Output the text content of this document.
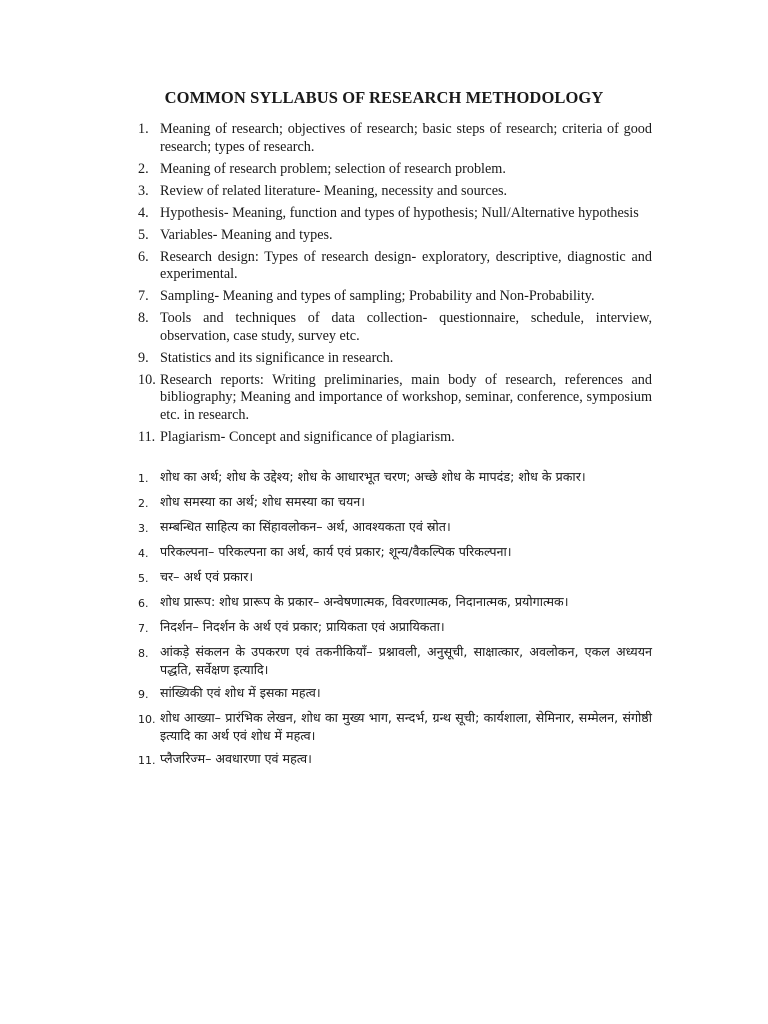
COMMON SYLLABUS OF RESEARCH METHODOLOGY
1. Meaning of research; objectives of research; basic steps of research; criteria of good research; types of research.
2. Meaning of research problem; selection of research problem.
3. Review of related literature- Meaning, necessity and sources.
4. Hypothesis- Meaning, function and types of hypothesis; Null/Alternative hypothesis
5. Variables- Meaning and types.
6. Research design: Types of research design- exploratory, descriptive, diagnostic and experimental.
7. Sampling- Meaning and types of sampling; Probability and Non-Probability.
8. Tools and techniques of data collection- questionnaire, schedule, interview, observation, case study, survey etc.
9. Statistics and its significance in research.
10. Research reports: Writing preliminaries, main body of research, references and bibliography; Meaning and importance of workshop, seminar, conference, symposium etc. in research.
11. Plagiarism- Concept and significance of plagiarism.
1. शोध का अर्थ; शोध के उद्देश्य; शोध के आधारभूत चरण; अच्छे शोध के मापदंड; शोध के प्रकार।
2. शोध समस्या का अर्थ; शोध समस्या का चयन।
3. सम्बन्धित साहित्य का सिंहावलोकन– अर्थ, आवश्यकता एवं स्रोत।
4. परिकल्पना– परिकल्पना का अर्थ, कार्य एवं प्रकार; शून्य/वैकल्पिक परिकल्पना।
5. चर– अर्थ एवं प्रकार।
6. शोध प्रारूप: शोध प्रारूप के प्रकार– अन्वेषणात्मक, विवरणात्मक, निदानात्मक, प्रयोगात्मक।
7. निदर्शन– निदर्शन के अर्थ एवं प्रकार; प्रायिकता एवं अप्रायिकता।
8. आंकड़े संकलन के उपकरण एवं तकनीकियाँ– प्रश्नावली, अनुसूची, साक्षात्कार, अवलोकन, एकल अध्ययन पद्धति, सर्वेक्षण इत्यादि।
9. सांख्यिकी एवं शोध में इसका महत्व।
10. शोध आख्या– प्रारंभिक लेखन, शोध का मुख्य भाग, सन्दर्भ, ग्रन्थ सूची; कार्यशाला, सेमिनार, सम्मेलन, संगोष्ठी इत्यादि का अर्थ एवं शोध में महत्व।
11. प्लैजरिज्म– अवधारणा एवं महत्व।
